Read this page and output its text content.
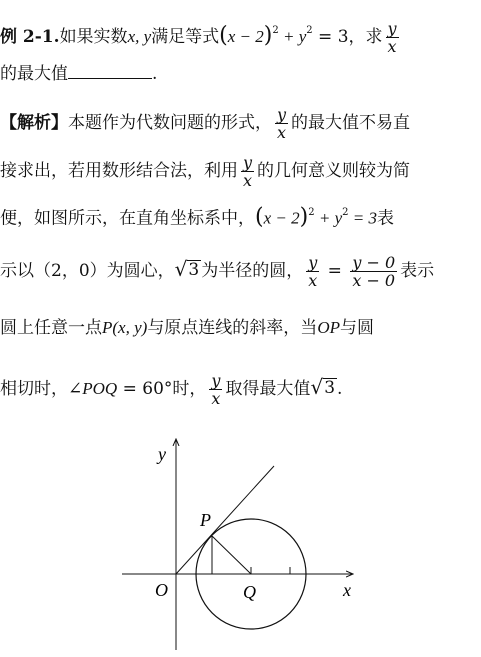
例 2-1.如果实数x, y满足等式$(x - 2)^2 + y^2 = 3$，求 $\frac{y}{x}$
的最大值	.
【解析】本题作为代数问题的形式， $\frac{y}{x}$ 的最大值不易直
接求出，若用数形结合法，利用 $\frac{y}{x}$ 的几何意义则较为简
便，如图所示，在直角坐标系中，$(x - 2)^2 + y^2 = 3$表
示以（2，0）为圆心， √ 3 为半径的圆， $\frac{y}{x} = \frac{y - 0}{x - 0}$ 表示
圆上任意一点P(x, y)与原点连线的斜率，当OP与圆
相切时，∠POQ = 60°时， $\frac{y}{x}$ 取得最大值 √ 3 .
y
x
O	Q
P
